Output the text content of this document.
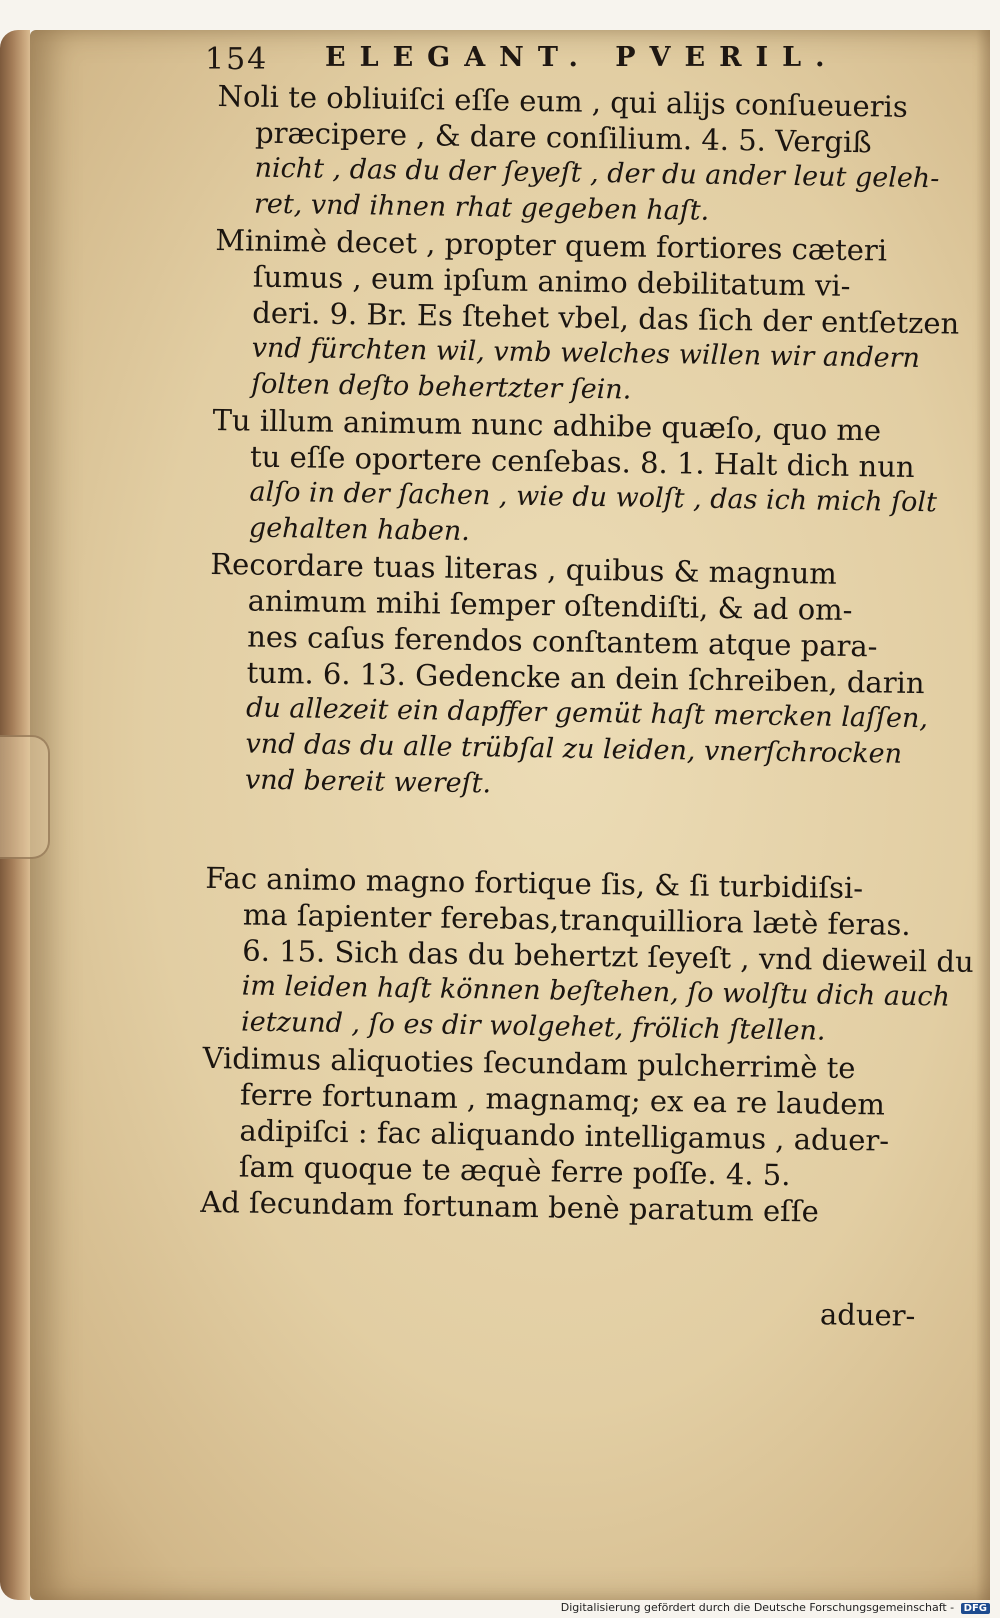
154 ELEGANT. PVERIL.
Noli te obliuiſci eſſe eum , qui alijs conſueueris
præcipere , & dare conſilium. 4. 5. Vergiß
nicht , das du der ſeyeſt , der du ander leut geleh-
ret, vnd ihnen rhat gegeben haſt.
Minimè decet , propter quem fortiores cæteri
ſumus , eum ipſum animo debilitatum vi-
deri. 9. Br. Es ſtehet vbel, das ſich der entſetzen
vnd fürchten wil, vmb welches willen wir andern
ſolten deſto behertzter ſein.
Tu illum animum nunc adhibe quæſo, quo me
tu eſſe oportere cenſebas. 8. 1. Halt dich nun
alſo in der ſachen , wie du wolſt , das ich mich ſolt
gehalten haben.
Recordare tuas literas , quibus & magnum
animum mihi ſemper oſtendiſti, & ad om-
nes caſus ferendos conſtantem atque para-
tum. 6. 13. Gedencke an dein ſchreiben, darin
du allezeit ein dapffer gemüt haſt mercken laſſen,
vnd das du alle trübſal zu leiden, vnerſchrocken
vnd bereit wereſt.
Fac animo magno fortique ſis, & ſi turbidiſsi-
ma ſapienter ferebas,tranquilliora lætè feras.
6. 15. Sich das du behertzt ſeyeſt , vnd dieweil du
im leiden haſt können beſtehen, ſo wolſtu dich auch
ietzund , ſo es dir wolgehet, frölich ſtellen.
Vidimus aliquoties ſecundam pulcherrimè te
ferre fortunam , magnamq; ex ea re laudem
adipiſci : fac aliquando intelligamus , aduer-
ſam quoque te æquè ferre poſſe. 4. 5.
Ad ſecundam fortunam benè paratum eſſe
aduer-
Digitalisierung gefördert durch die Deutsche Forschungsgemeinschaft - DFG
